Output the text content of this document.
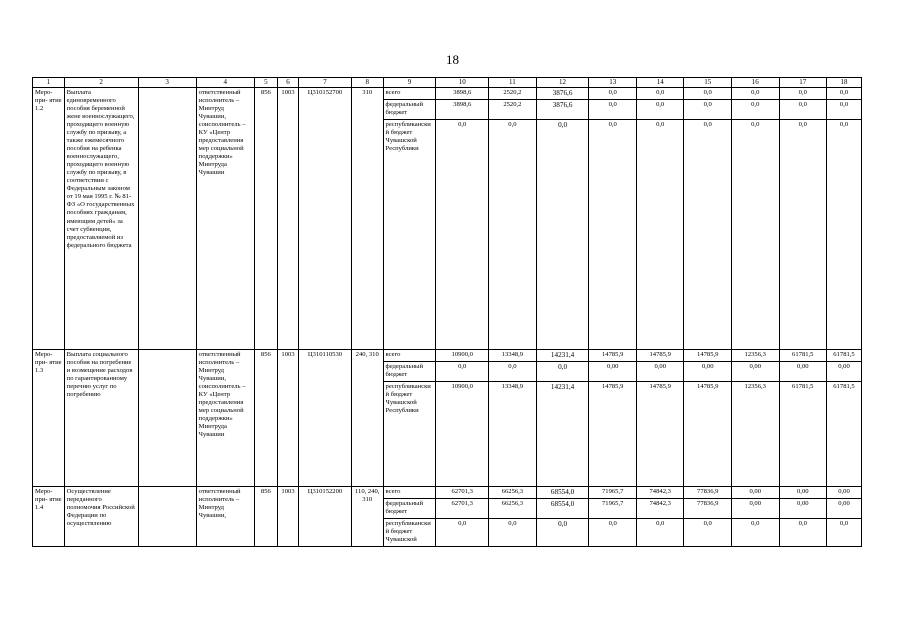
18
1	2	3	4	5	6	7	8	9	10	11	12	13	14	15	16	17	18
Меро- при- ятие 1.2	Выплата единовременного пособия беременной жене военнослужащего, проходящего военную службу по призыву, а также ежемесячного пособия на ребенка военнослужащего, проходящего военную службу по призыву, в соответствии с Федеральным законом от 19 мая 1995 г. № 81-ФЗ «О государственных пособиях гражданам, имеющим детей» за счет субвенции, предоставляемой из федерального бюджета		ответственный исполнитель – Минтруд Чувашии, соисполнитель – КУ «Центр предоставления мер социальной поддержки» Минтруда Чувашии	856	1003	Ц310152700	310	всего	3898,6	2520,2	3876,6	0,0	0,0	0,0	0,0	0,0	0,0
								федеральный бюджет	3898,6	2520,2	3876,6	0,0	0,0	0,0	0,0	0,0	0,0
								республиканский бюджет Чувашской Республики	0,0	0,0	0,0	0,0	0,0	0,0	0,0	0,0	0,0
Меро- при- ятие 1.3	Выплата социального пособия на погребение и возмещение расходов по гарантированному перечню услуг по погребению		ответственный исполнитель – Минтруд Чувашии, соисполнитель – КУ «Центр предоставления мер социальной поддержки» Минтруда Чувашии	856	1003	Ц310110530	240, 310	всего	10900,0	13348,9	14231,4	14785,9	14785,9	14785,9	12356,3	61781,5	61781,5
								федеральный бюджет	0,0	0,0	0,0	0,00	0,00	0,00	0,00	0,00	0,00
								республиканский бюджет Чувашской Республики	10900,0	13348,9	14231,4	14785,9	14785,9	14785,9	12356,3	61781,5	61781,5
Меро- при- ятие 1.4	Осуществление переданного полномочия Российской Федерации по осуществлению		ответственный исполнитель – Минтруд Чувашии,	856	1003	Ц310152200	110, 240, 310	всего	62701,3	66256,3	68554,0	71965,7	74842,3	77836,9	0,00	0,00	0,00
								федеральный бюджет	62701,3	66256,3	68554,0	71965,7	74842,3	77836,9	0,00	0,00	0,00
								республиканский бюджет Чувашской	0,0	0,0	0,0	0,0	0,0	0,0	0,0	0,0	0,0
